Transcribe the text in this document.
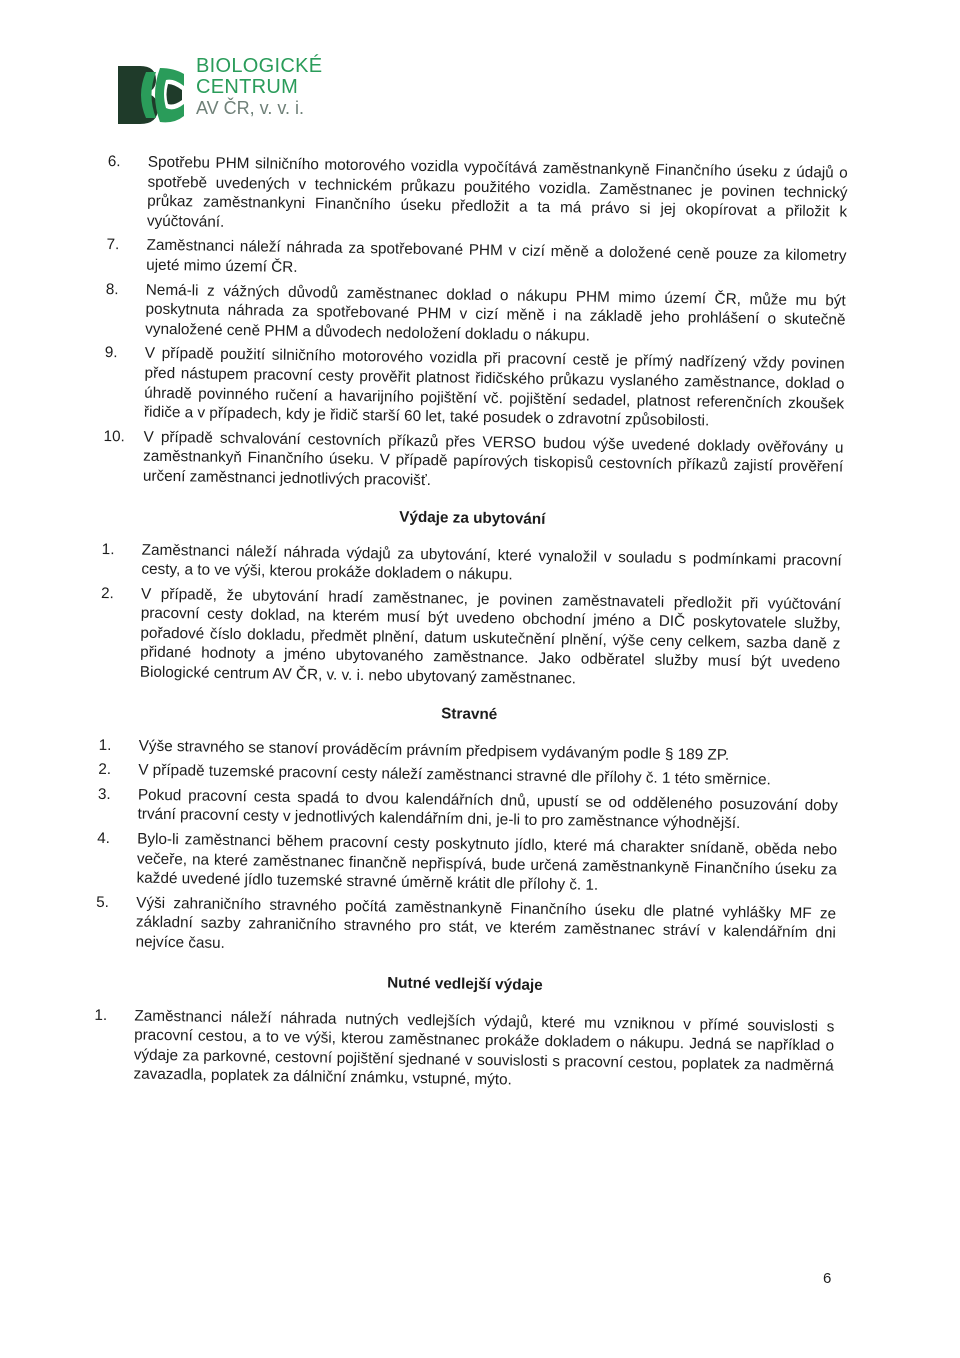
BIOLOGICKÉ
CENTRUM
AV ČR, v. v. i.
6. Spotřebu PHM silničního motorového vozidla vypočítává zaměstnankyně Finančního úseku z údajů o spotřebě uvedených v technickém průkazu použitého vozidla. Zaměstnanec je povinen technický průkaz zaměstnankyni Finančního úseku předložit a ta má právo si jej okopírovat a přiložit k vyúčtování.
7. Zaměstnanci náleží náhrada za spotřebované PHM v cizí měně a doložené ceně pouze za kilometry ujeté mimo území ČR.
8. Nemá-li z vážných důvodů zaměstnanec doklad o nákupu PHM mimo území ČR, může mu být poskytnuta náhrada za spotřebované PHM v cizí měně i na základě jeho prohlášení o skutečně vynaložené ceně PHM a důvodech nedoložení dokladu o nákupu.
9. V případě použití silničního motorového vozidla při pracovní cestě je přímý nadřízený vždy povinen před nástupem pracovní cesty prověřit platnost řidičského průkazu vyslaného zaměstnance, doklad o úhradě povinného ručení a havarijního pojištění vč. pojištění sedadel, platnost referenčních zkoušek řidiče a v případech, kdy je řidič starší 60 let, také posudek o zdravotní způsobilosti.
10. V případě schvalování cestovních příkazů přes VERSO budou výše uvedené doklady ověřovány u zaměstnankyň Finančního úseku. V případě papírových tiskopisů cestovních příkazů zajistí prověření určení zaměstnanci jednotlivých pracovišť.
Výdaje za ubytování
1. Zaměstnanci náleží náhrada výdajů za ubytování, které vynaložil v souladu s podmínkami pracovní cesty, a to ve výši, kterou prokáže dokladem o nákupu.
2. V případě, že ubytování hradí zaměstnanec, je povinen zaměstnavateli předložit při vyúčtování pracovní cesty doklad, na kterém musí být uvedeno obchodní jméno a DIČ poskytovatele služby, pořadové číslo dokladu, předmět plnění, datum uskutečnění plnění, výše ceny celkem, sazba daně z přidané hodnoty a jméno ubytovaného zaměstnance. Jako odběratel služby musí být uvedeno Biologické centrum AV ČR, v. v. i. nebo ubytovaný zaměstnanec.
Stravné
1. Výše stravného se stanoví prováděcím právním předpisem vydávaným podle § 189 ZP.
2. V případě tuzemské pracovní cesty náleží zaměstnanci stravné dle přílohy č. 1 této směrnice.
3. Pokud pracovní cesta spadá to dvou kalendářních dnů, upustí se od odděleného posuzování doby trvání pracovní cesty v jednotlivých kalendářním dni, je-li to pro zaměstnance výhodnější.
4. Bylo-li zaměstnanci během pracovní cesty poskytnuto jídlo, které má charakter snídaně, oběda nebo večeře, na které zaměstnanec finančně nepřispívá, bude určená zaměstnankyně Finančního úseku za každé uvedené jídlo tuzemské stravné úměrně krátit dle přílohy č. 1.
5. Výši zahraničního stravného počítá zaměstnankyně Finančního úseku dle platné vyhlášky MF ze základní sazby zahraničního stravného pro stát, ve kterém zaměstnanec stráví v kalendářním dni nejvíce času.
Nutné vedlejší výdaje
1. Zaměstnanci náleží náhrada nutných vedlejších výdajů, které mu vzniknou v přímé souvislosti s pracovní cestou, a to ve výši, kterou zaměstnanec prokáže dokladem o nákupu. Jedná se například o výdaje za parkovné, cestovní pojištění sjednané v souvislosti s pracovní cestou, poplatek za nadměrná zavazadla, poplatek za dálniční známku, vstupné, mýto.
6
